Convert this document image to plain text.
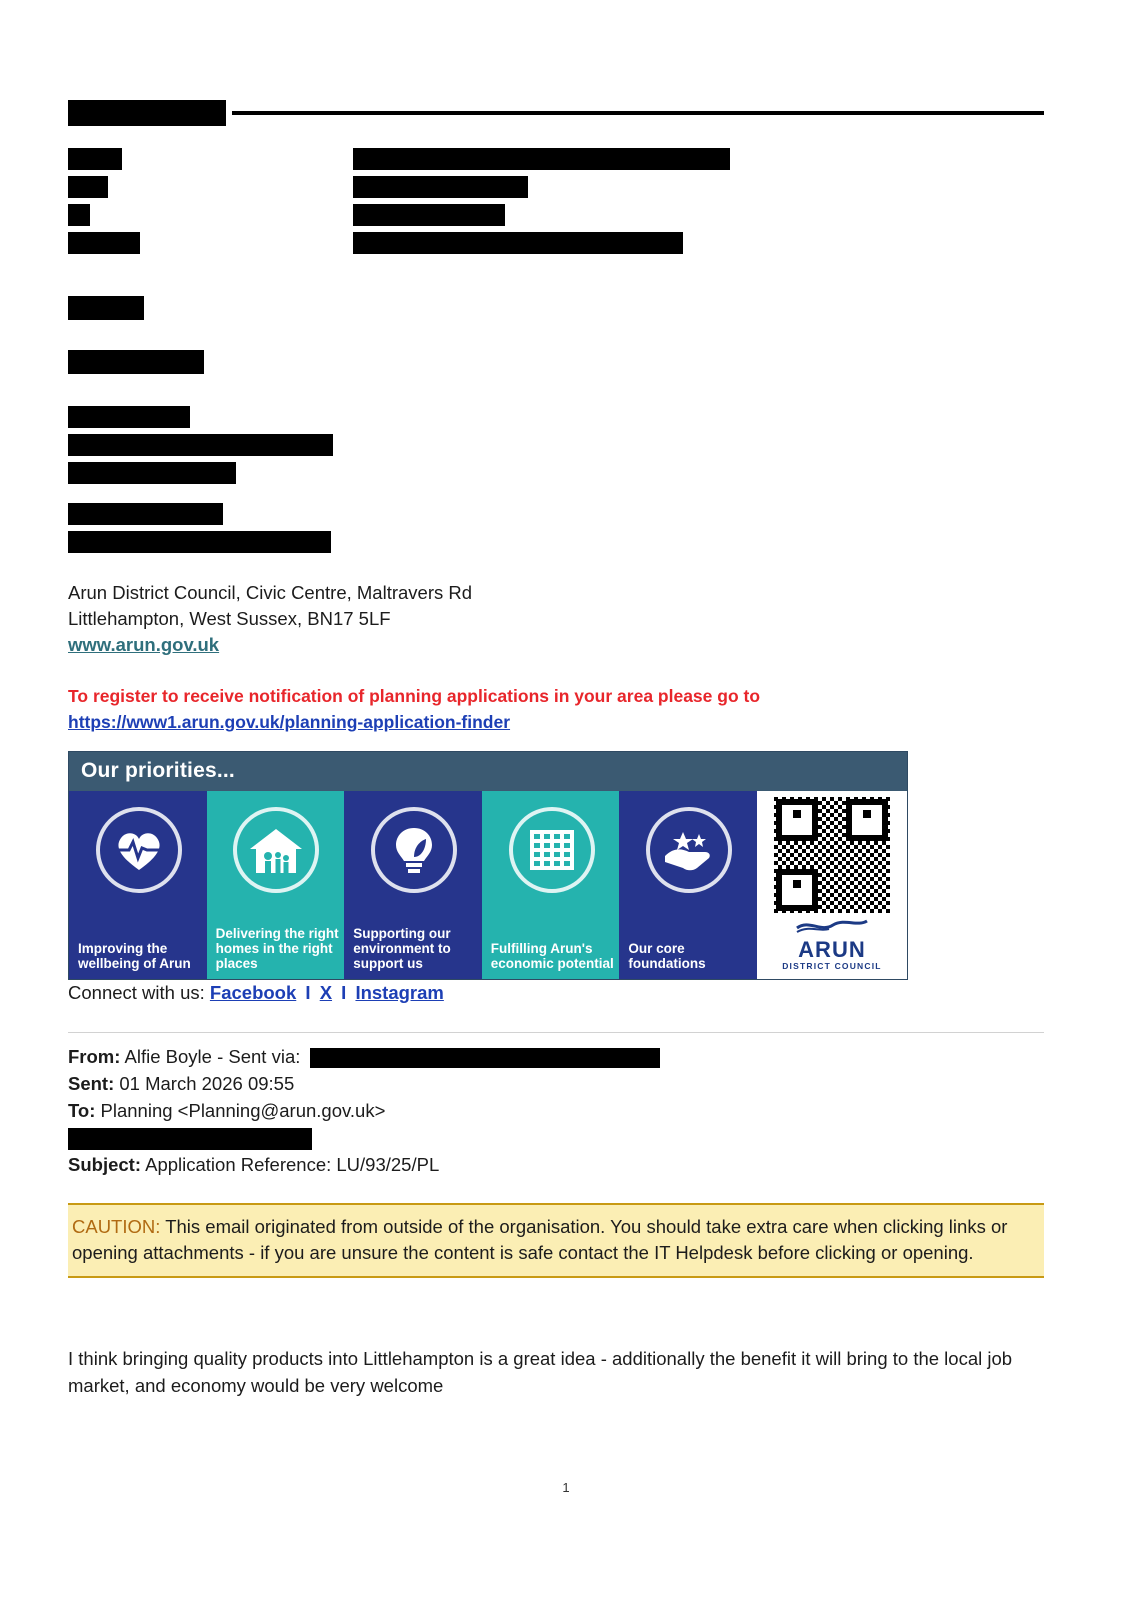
Arun District Council, Civic Centre, Maltravers Rd
Littlehampton, West Sussex, BN17 5LF
www.arun.gov.uk
To register to receive notification of planning applications in your area please go to
https://www1.arun.gov.uk/planning-application-finder
Our priorities...
Improving the wellbeing of Arun
Delivering the right homes in the right places
Supporting our environment to support us
Fulfilling Arun's economic potential
Our core foundations
ARUN
DISTRICT COUNCIL
Connect with us: Facebook I X I Instagram
From: Alfie Boyle - Sent via:
Sent: 01 March 2026 09:55
To: Planning <Planning@arun.gov.uk>
Subject: Application Reference: LU/93/25/PL
CAUTION: This email originated from outside of the organisation. You should take extra care when clicking links or opening attachments - if you are unsure the content is safe contact the IT Helpdesk before clicking or opening.
I think bringing quality products into Littlehampton is a great idea - additionally the benefit it will bring to the local job market, and economy would be very welcome
1
